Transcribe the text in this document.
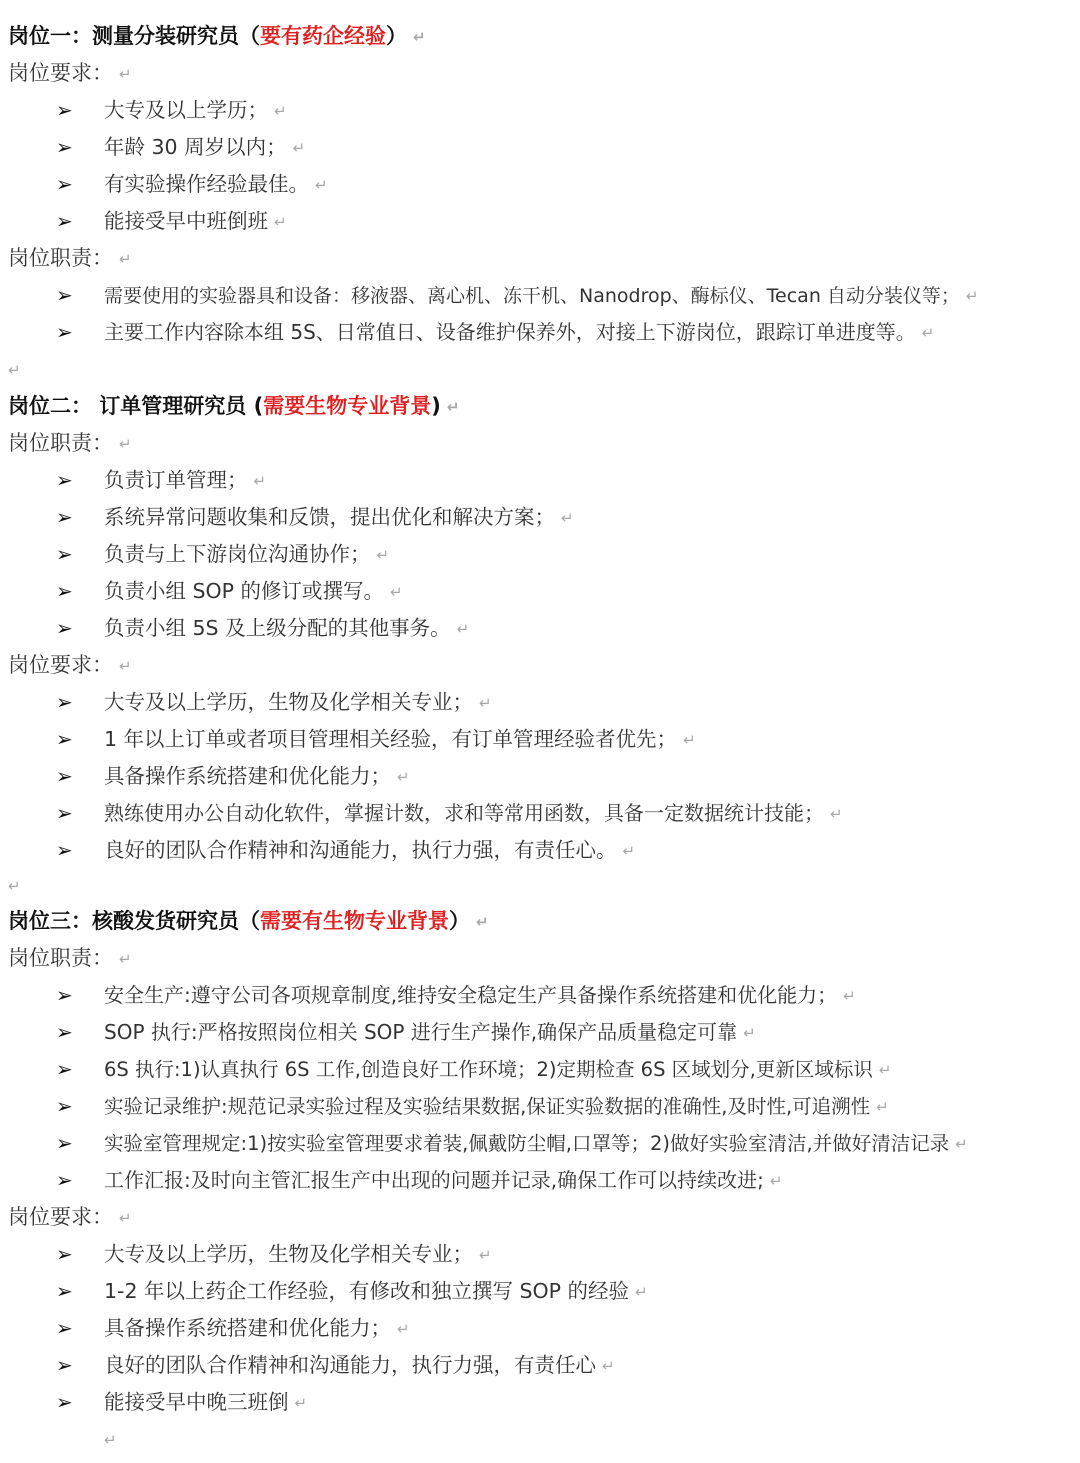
岗位一：测量分装研究员（要有药企经验） ↵
岗位要求： ↵
➢ 大专及以上学历； ↵
➢ 年龄 30 周岁以内； ↵
➢ 有实验操作经验最佳。 ↵
➢ 能接受早中班倒班 ↵
岗位职责： ↵
➢ 需要使用的实验器具和设备：移液器、离心机、冻干机、Nanodrop、酶标仪、Tecan 自动分装仪等； ↵
➢ 主要工作内容除本组 5S、日常值日、设备维护保养外，对接上下游岗位，跟踪订单进度等。 ↵
↵
岗位二： 订单管理研究员 (需要生物专业背景) ↵
岗位职责： ↵
➢ 负责订单管理； ↵
➢ 系统异常问题收集和反馈，提出优化和解决方案； ↵
➢ 负责与上下游岗位沟通协作； ↵
➢ 负责小组 SOP 的修订或撰写。 ↵
➢ 负责小组 5S 及上级分配的其他事务。 ↵
岗位要求： ↵
➢ 大专及以上学历，生物及化学相关专业； ↵
➢ 1 年以上订单或者项目管理相关经验，有订单管理经验者优先； ↵
➢ 具备操作系统搭建和优化能力； ↵
➢ 熟练使用办公自动化软件，掌握计数，求和等常用函数，具备一定数据统计技能； ↵
➢ 良好的团队合作精神和沟通能力，执行力强，有责任心。 ↵
↵
岗位三：核酸发货研究员（需要有生物专业背景） ↵
岗位职责： ↵
➢ 安全生产:遵守公司各项规章制度,维持安全稳定生产具备操作系统搭建和优化能力； ↵
➢ SOP 执行:严格按照岗位相关 SOP 进行生产操作,确保产品质量稳定可靠 ↵
➢ 6S 执行:1)认真执行 6S 工作,创造良好工作环境；2)定期检查 6S 区域划分,更新区域标识 ↵
➢ 实验记录维护:规范记录实验过程及实验结果数据,保证实验数据的准确性,及时性,可追溯性 ↵
➢ 实验室管理规定:1)按实验室管理要求着装,佩戴防尘帽,口罩等；2)做好实验室清洁,并做好清洁记录 ↵
➢ 工作汇报:及时向主管汇报生产中出现的问题并记录,确保工作可以持续改进; ↵
岗位要求： ↵
➢ 大专及以上学历，生物及化学相关专业； ↵
➢ 1-2 年以上药企工作经验，有修改和独立撰写 SOP 的经验 ↵
➢ 具备操作系统搭建和优化能力； ↵
➢ 良好的团队合作精神和沟通能力，执行力强，有责任心 ↵
➢ 能接受早中晚三班倒 ↵
↵
